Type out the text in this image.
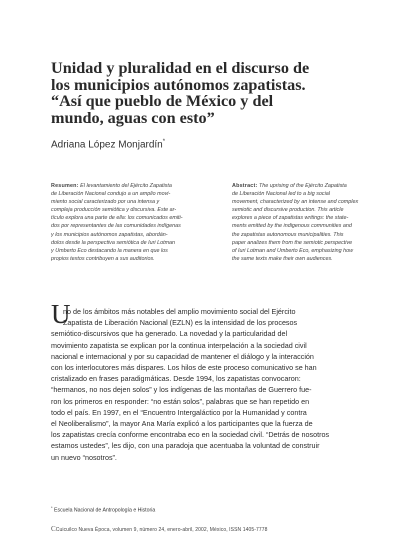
Unidad y pluralidad en el discurso de
los municipios autónomos zapatistas.
“Así que pueblo de México y del
mundo, aguas con esto”
Adriana López Monjardín*

Resumen: El levantamiento del Ejército Zapatista
de Liberación Nacional condujo a un amplio movi-
miento social caracterizado por una intensa y
compleja producción semiótica y discursiva. Este ar-
tículo explora una parte de ella: los comunicados emiti-
dos por representantes de las comunidades indígenas
y los municipios autónomos zapatistas, abordán-
dolos desde la perspectiva semiótica de Iuri Lotman
y Umberto Eco destacando la manera en que los
propios textos contribuyen a sus auditorios.

Abstract: The uprising of the Ejército Zapatista
de Liberación Nacional led to a big social
movement, characterized by an intense and complex
semiotic and discursive production. This article
explores a piece of zapatistas writings: the state-
ments emitted by the indigenous communities and
the zapatistas autonomous municipalities. This
paper analizes them from the semiotic perspective
of Iuri Lotman and Umberto Eco, emphasizing how
the same texts make their own audiences.

U

no de los ámbitos más notables del amplio movimiento social del Ejército
Zapatista de Liberación Nacional (EZLN) es la intensidad de los procesos
semiótico-discursivos que ha generado. La novedad y la particularidad del
movimiento zapatista se explican por la continua interpelación a la sociedad civil
nacional e internacional y por su capacidad de mantener el diálogo y la interacción
con los interlocutores más dispares. Los hilos de este proceso comunicativo se han
cristalizado en frases paradigmáticas. Desde 1994, los zapatistas convocaron:
“hermanos, no nos dejen solos” y los indígenas de las montañas de Guerrero fue-
ron los primeros en responder: “no están solos”, palabras que se han repetido en
todo el país. En 1997, en el “Encuentro Intergaláctico por la Humanidad y contra
el Neoliberalismo”, la mayor Ana María explicó a los participantes que la fuerza de
los zapatistas crecía conforme encontraba eco en la sociedad civil. “Detrás de nosotros
estamos ustedes”, les dijo, con una paradoja que acentuaba la voluntad de construir
un nuevo “nosotros”.

* Escuela Nacional de Antropología e Historia
CCuicuilco Nueva Época, volumen 9, número 24, enero-abril, 2002, México, ISSN 1405-7778
